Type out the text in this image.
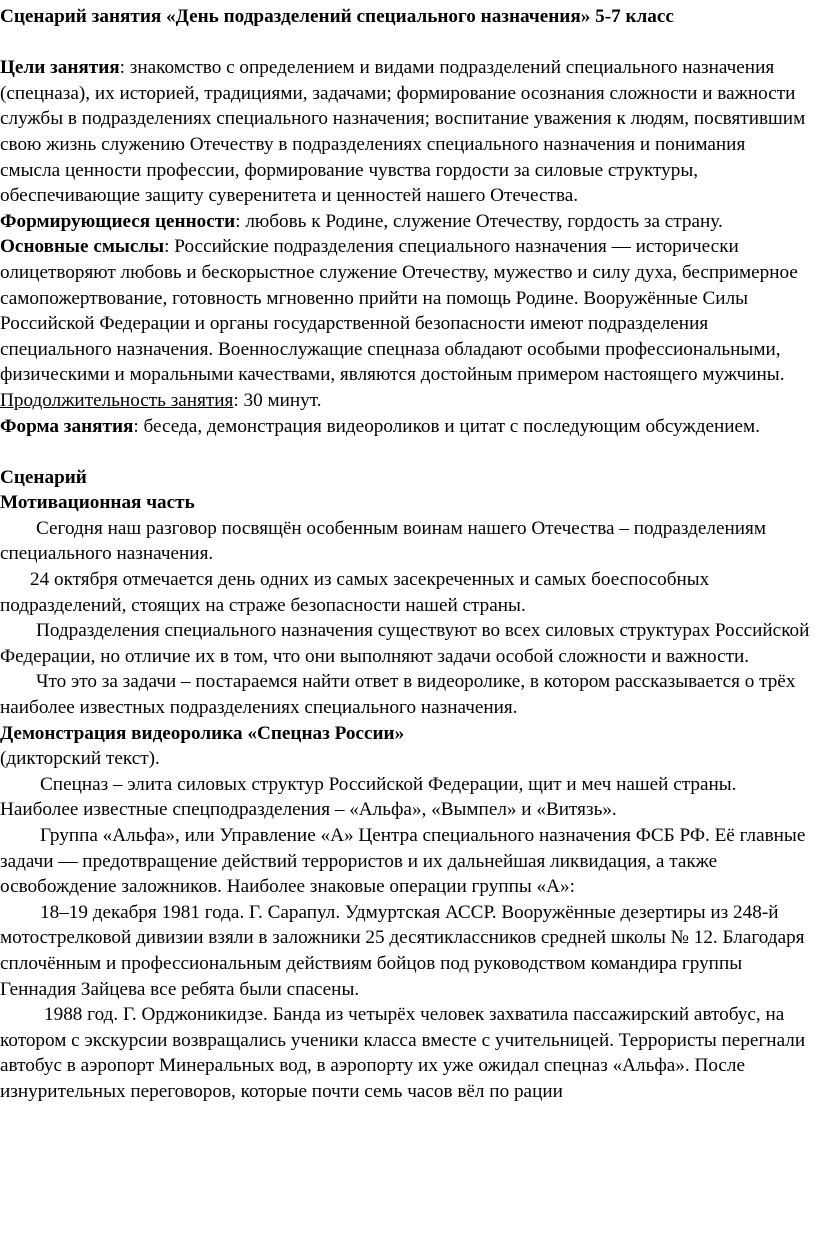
Сценарий занятия «День подразделений специального назначения» 5-7 класс

Цели занятия: знакомство с определением и видами подразделений специального назначения (спецназа), их историей, традициями, задачами; формирование осознания сложности и важности службы в подразделениях специального назначения; воспитание уважения к людям, посвятившим свою жизнь служению Отечеству в подразделениях специального назначения и понимания смысла ценности профессии, формирование чувства гордости за силовые структуры, обеспечивающие защиту суверенитета и ценностей нашего Отечества.

Формирующиеся ценности: любовь к Родине, служение Отечеству, гордость за страну.

Основные смыслы: Российские подразделения специального назначения — исторически олицетворяют любовь и бескорыстное служение Отечеству, мужество и силу духа, беспримерное самопожертвование, готовность мгновенно прийти на помощь Родине. Вооружённые Силы Российской Федерации и органы государственной безопасности имеют подразделения специального назначения. Военнослужащие спецназа обладают особыми профессиональными, физическими и моральными качествами, являются достойным примером настоящего мужчины.

Продолжительность занятия: 30 минут.

Форма занятия: беседа, демонстрация видеороликов и цитат с последующим обсуждением.

Сценарий

Мотивационная часть

Сегодня наш разговор посвящён особенным воинам нашего Отечества – подразделениям специального назначения.

24 октября отмечается день одних из самых засекреченных и самых боеспособных подразделений, стоящих на страже безопасности нашей страны.

Подразделения специального назначения существуют во всех силовых структурах Российской Федерации, но отличие их в том, что они выполняют задачи особой сложности и важности.

Что это за задачи – постараемся найти ответ в видеоролике, в котором рассказывается о трёх наиболее известных подразделениях специального назначения.

Демонстрация видеоролика «Спецназ России»

(дикторский текст).

Спецназ – элита силовых структур Российской Федерации, щит и меч нашей страны. Наиболее известные спецподразделения – «Альфа», «Вымпел» и «Витязь».

Группа «Альфа», или Управление «А» Центра специального назначения ФСБ РФ. Её главные задачи — предотвращение действий террористов и их дальнейшая ликвидация, а также освобождение заложников. Наиболее знаковые операции группы «А»:

18–19 декабря 1981 года. Г. Сарапул. Удмуртская АССР. Вооружённые дезертиры из 248-й мотострелковой дивизии взяли в заложники 25 десятиклассников средней школы № 12. Благодаря сплочённым и профессиональным действиям бойцов под руководством командира группы Геннадия Зайцева все ребята были спасены.

1988 год. Г. Орджоникидзе. Банда из четырёх человек захватила пассажирский автобус, на котором с экскурсии возвращались ученики класса вместе с учительницей. Террористы перегнали автобус в аэропорт Минеральных вод, в аэропорту их уже ожидал спецназ «Альфа». После изнурительных переговоров, которые почти семь часов вёл по рации
